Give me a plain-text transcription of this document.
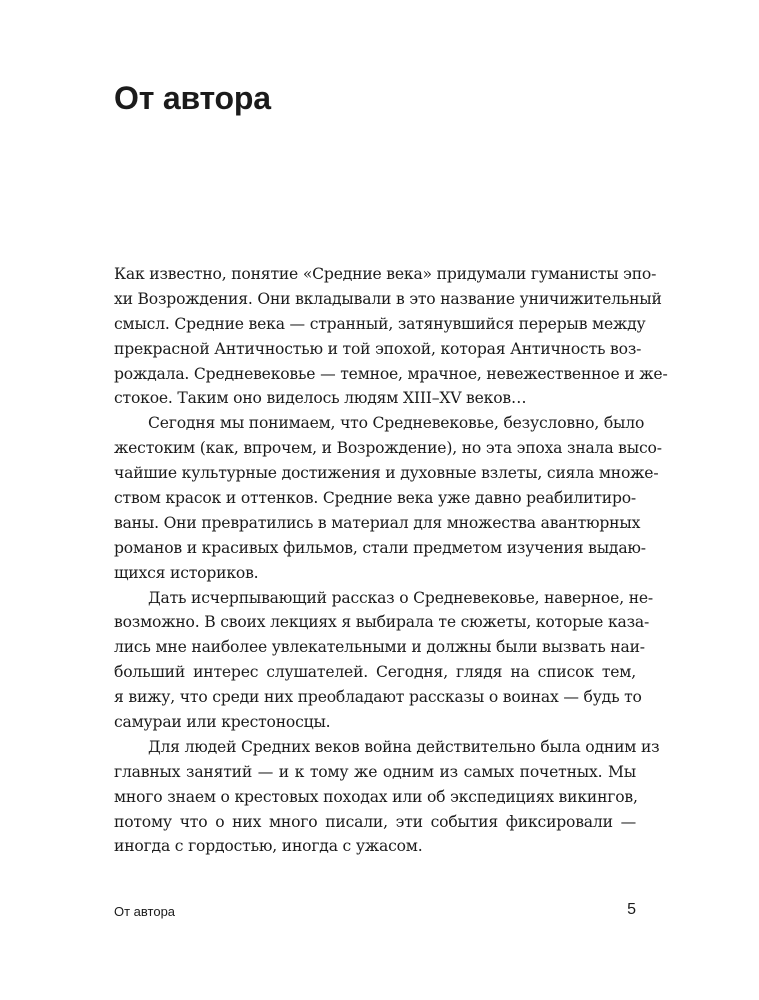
От автора
Как известно, понятие «Средние века» придумали гуманисты эпо-
хи Возрождения. Они вкладывали в это название уничижительный
смысл. Средние века — странный, затянувшийся перерыв между
прекрасной Античностью и той эпохой, которая Античность воз-
рождала. Средневековье — темное, мрачное, невежественное и же-
стокое. Таким оно виделось людям XIII–XV веков…
Сегодня мы понимаем, что Средневековье, безусловно, было
жестоким (как, впрочем, и Возрождение), но эта эпоха знала высо-
чайшие культурные достижения и духовные взлеты, сияла множе-
ством красок и оттенков. Средние века уже давно реабилитиро-
ваны. Они превратились в материал для множества авантюрных
романов и красивых фильмов, стали предметом изучения выдаю-
щихся историков.
Дать исчерпывающий рассказ о Средневековье, наверное, не-
возможно. В своих лекциях я выбирала те сюжеты, которые каза-
лись мне наиболее увлекательными и должны были вызвать наи-
больший интерес слушателей. Сегодня, глядя на список тем,
я вижу, что среди них преобладают рассказы о воинах — будь то
самураи или крестоносцы.
Для людей Средних веков война действительно была одним из
главных занятий — и к тому же одним из самых почетных. Мы
много знаем о крестовых походах или об экспедициях викингов,
потому что о них много писали, эти события фиксировали —
иногда с гордостью, иногда с ужасом.
От автора	5
